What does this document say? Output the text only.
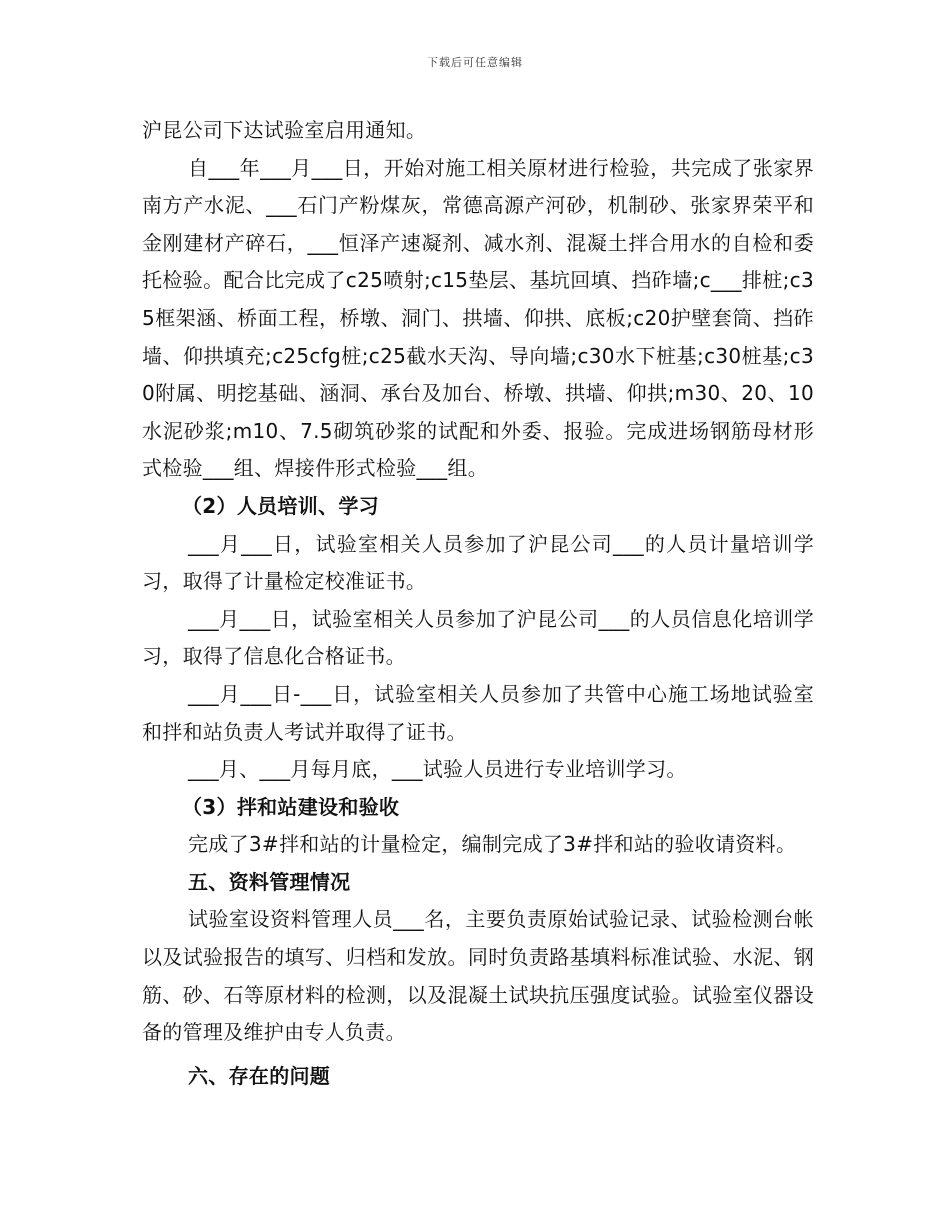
下载后可任意编辑

沪昆公司下达试验室启用通知。

自___年___月___日，开始对施工相关原材进行检验，共完成了张家界南方产水泥、___石门产粉煤灰，常德高源产河砂，机制砂、张家界荣平和金刚建材产碎石，___恒泽产速凝剂、减水剂、混凝土拌合用水的自检和委托检验。配合比完成了c25喷射;c15垫层、基坑回填、挡砟墙;c___排桩;c35框架涵、桥面工程，桥墩、洞门、拱墙、仰拱、底板;c20护壁套筒、挡砟墙、仰拱填充;c25cfg桩;c25截水天沟、导向墙;c30水下桩基;c30桩基;c30附属、明挖基础、涵洞、承台及加台、桥墩、拱墙、仰拱;m30、20、10水泥砂浆;m10、7.5砌筑砂浆的试配和外委、报验。完成进场钢筋母材形式检验___组、焊接件形式检验___组。

（2）人员培训、学习

___月___日，试验室相关人员参加了沪昆公司___的人员计量培训学习，取得了计量检定校准证书。

___月___日，试验室相关人员参加了沪昆公司___的人员信息化培训学习，取得了信息化合格证书。

___月___日-___日，试验室相关人员参加了共管中心施工场地试验室和拌和站负责人考试并取得了证书。

___月、___月每月底，___试验人员进行专业培训学习。

（3）拌和站建设和验收

完成了3#拌和站的计量检定，编制完成了3#拌和站的验收请资料。

五、资料管理情况

试验室设资料管理人员___名，主要负责原始试验记录、试验检测台帐以及试验报告的填写、归档和发放。同时负责路基填料标准试验、水泥、钢筋、砂、石等原材料的检测，以及混凝土试块抗压强度试验。试验室仪器设备的管理及维护由专人负责。

六、存在的问题
